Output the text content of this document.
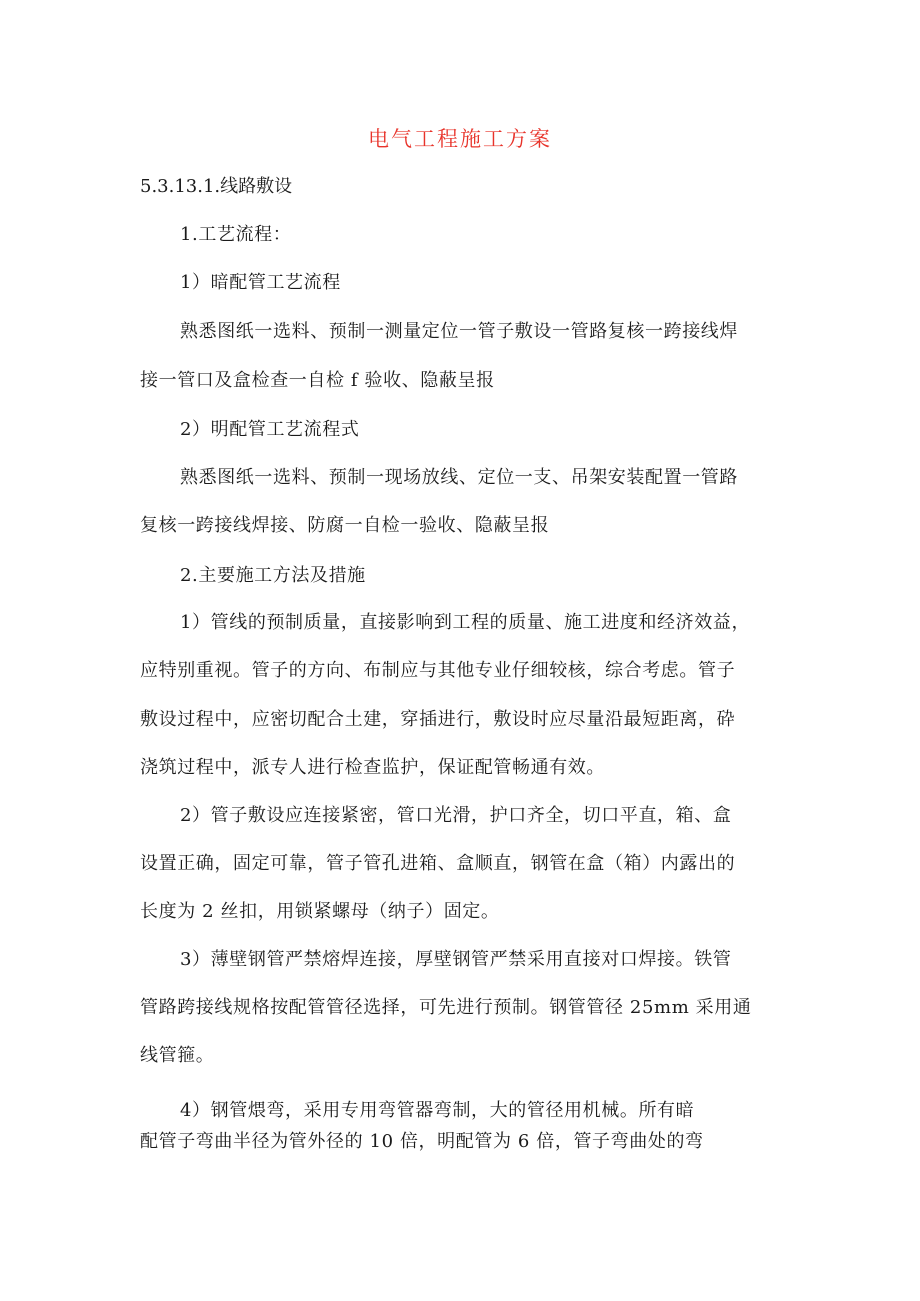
电气工程施工方案
5.3.13.1.线路敷设
1.工艺流程：
1）暗配管工艺流程
熟悉图纸一选料、预制一测量定位一管子敷设一管路复核一跨接线焊
接一管口及盒检查一自检 f 验收、隐蔽呈报
2）明配管工艺流程式
熟悉图纸一选料、预制一现场放线、定位一支、吊架安装配置一管路
复核一跨接线焊接、防腐一自检一验收、隐蔽呈报
2.主要施工方法及措施
1）管线的预制质量，直接影响到工程的质量、施工进度和经济效益，
应特别重视。管子的方向、布制应与其他专业仔细较核，综合考虑。管子
敷设过程中，应密切配合土建，穿插进行，敷设时应尽量沿最短距离，砕
浇筑过程中，派专人进行检查监护，保证配管畅通有效。
2）管子敷设应连接紧密，管口光滑，护口齐全，切口平直，箱、盒
设置正确，固定可靠，管子管孔进箱、盒顺直，钢管在盒（箱）内露出的
长度为 2 丝扣，用锁紧螺母（纳子）固定。
3）薄壁钢管严禁熔焊连接，厚壁钢管严禁采用直接对口焊接。铁管
管路跨接线规格按配管管径选择，可先进行预制。钢管管径 25mm 采用通
线管箍。
4）钢管煨弯，采用专用弯管器弯制，大的管径用机械。所有暗
配管子弯曲半径为管外径的 10 倍，明配管为 6 倍，管子弯曲处的弯
